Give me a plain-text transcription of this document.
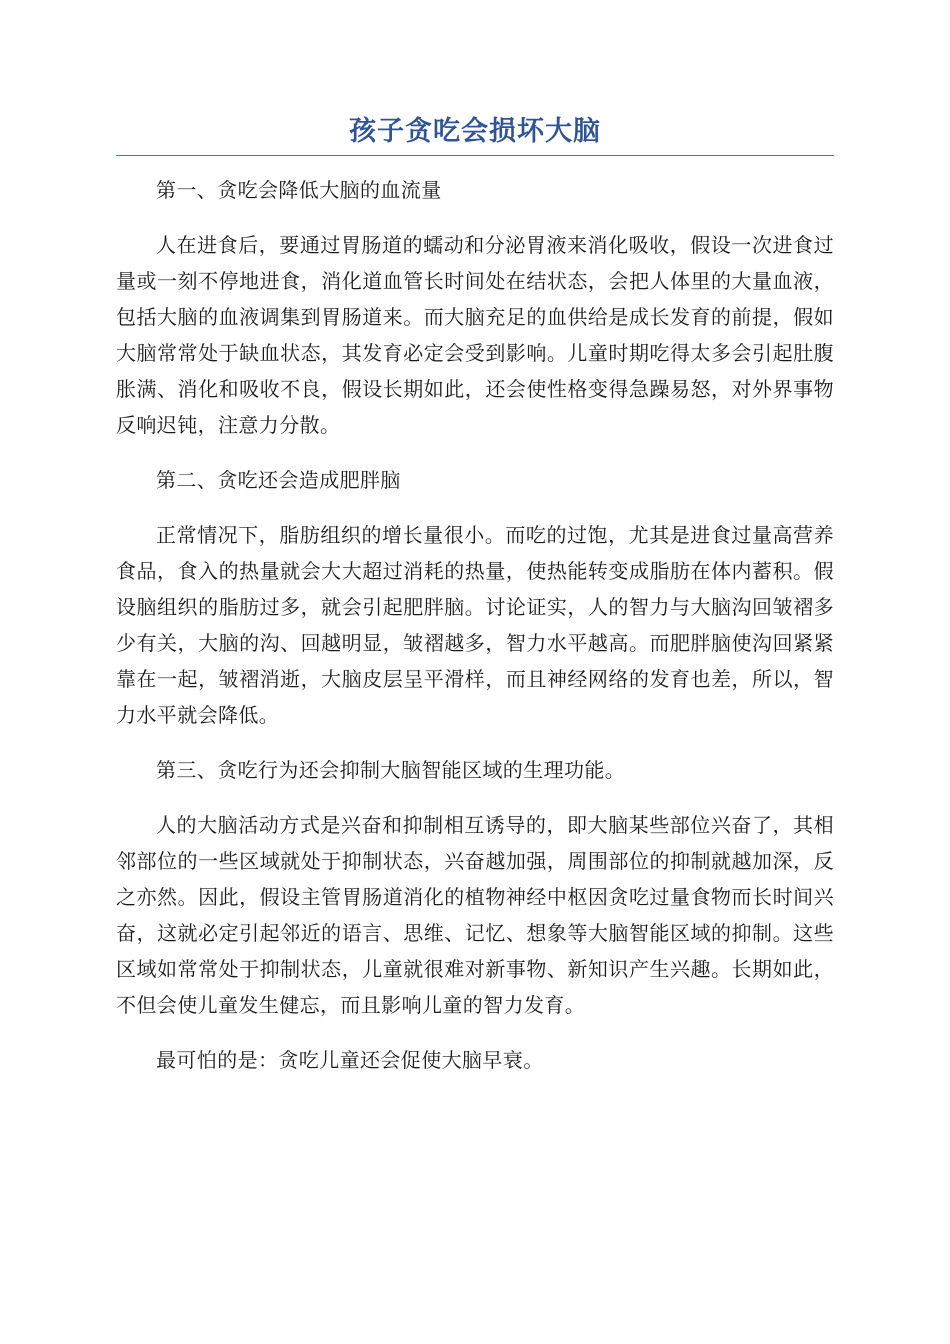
孩子贪吃会损坏大脑

第一、贪吃会降低大脑的血流量

人在进食后，要通过胃肠道的蠕动和分泌胃液来消化吸收，假设一次进食过量或一刻不停地进食，消化道血管长时间处在结状态，会把人体里的大量血液，包括大脑的血液调集到胃肠道来。而大脑充足的血供给是成长发育的前提，假如大脑常常处于缺血状态，其发育必定会受到影响。儿童时期吃得太多会引起肚腹胀满、消化和吸收不良，假设长期如此，还会使性格变得急躁易怒，对外界事物反响迟钝，注意力分散。

第二、贪吃还会造成肥胖脑

正常情况下，脂肪组织的增长量很小。而吃的过饱，尤其是进食过量高营养食品，食入的热量就会大大超过消耗的热量，使热能转变成脂肪在体内蓄积。假设脑组织的脂肪过多，就会引起肥胖脑。讨论证实，人的智力与大脑沟回皱褶多少有关，大脑的沟、回越明显，皱褶越多，智力水平越高。而肥胖脑使沟回紧紧靠在一起，皱褶消逝，大脑皮层呈平滑样，而且神经网络的发育也差，所以，智力水平就会降低。

第三、贪吃行为还会抑制大脑智能区域的生理功能。

人的大脑活动方式是兴奋和抑制相互诱导的，即大脑某些部位兴奋了，其相邻部位的一些区域就处于抑制状态，兴奋越加强，周围部位的抑制就越加深，反之亦然。因此，假设主管胃肠道消化的植物神经中枢因贪吃过量食物而长时间兴奋，这就必定引起邻近的语言、思维、记忆、想象等大脑智能区域的抑制。这些区域如常常处于抑制状态，儿童就很难对新事物、新知识产生兴趣。长期如此，不但会使儿童发生健忘，而且影响儿童的智力发育。

最可怕的是：贪吃儿童还会促使大脑早衰。
